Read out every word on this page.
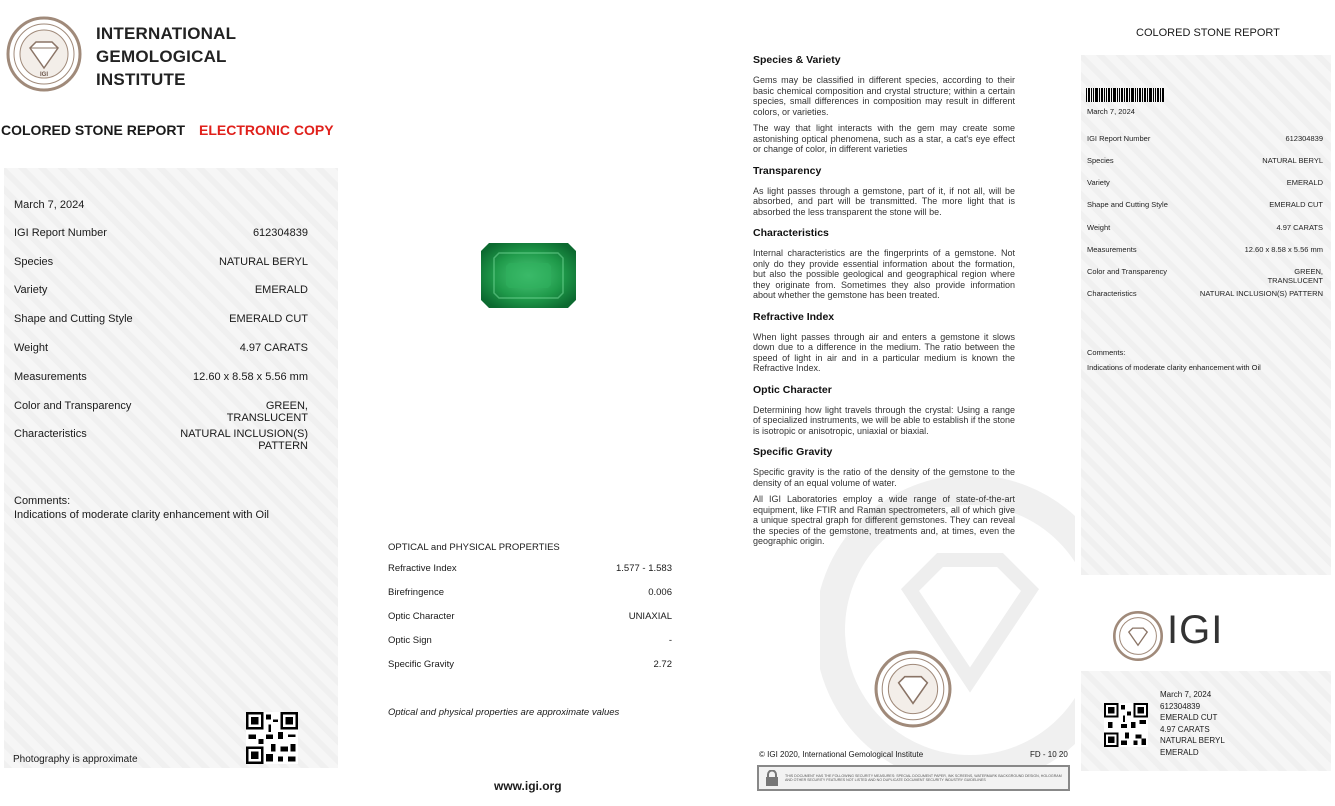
IGI
INTERNATIONAL
GEMOLOGICAL
INSTITUTE
COLORED STONE REPORT ELECTRONIC COPY
March 7, 2024
IGI Report Number	612304839
Species	NATURAL BERYL
Variety	EMERALD
Shape and Cutting Style	EMERALD CUT
Weight	4.97 CARATS
Measurements	12.60 x 8.58 x 5.56 mm
Color and Transparency	GREEN,
TRANSLUCENT
Characteristics	NATURAL INCLUSION(S)
PATTERN
Comments:
Indications of moderate clarity enhancement with Oil
Photography is approximate
OPTICAL and PHYSICAL PROPERTIES
Refractive Index	1.577 - 1.583
Birefringence	0.006
Optic Character	UNIAXIAL
Optic Sign	-
Specific Gravity	2.72
Optical and physical properties are approximate values
www.igi.org
Species & Variety
Gems may be classified in different species, according to their basic chemical composition and crystal structure; within a certain species, small differences in composition may result in different colors, or varieties.
The way that light interacts with the gem may create some astonishing optical phenomena, such as a star, a cat's eye effect or change of color, in different varieties
Transparency
As light passes through a gemstone, part of it, if not all, will be absorbed, and part will be transmitted. The more light that is absorbed the less transparent the stone will be.
Characteristics
Internal characteristics are the fingerprints of a gemstone. Not only do they provide essential information about the formation, but also the possible geological and geographical region where they originate from. Sometimes they also provide information about whether the gemstone has been treated.
Refractive Index
When light passes through air and enters a gemstone it slows down due to a difference in the medium. The ratio between the speed of light in air and in a particular medium is known the Refractive Index.
Optic Character
Determining how light travels through the crystal: Using a range of specialized instruments, we will be able to establish if the stone is isotropic or anisotropic, uniaxial or biaxial.
Specific Gravity
Specific gravity is the ratio of the density of the gemstone to the density of an equal volume of water.
All IGI Laboratories employ a wide range of state-of-the-art equipment, like FTIR and Raman spectrometers, all of which give a unique spectral graph for different gemstones. They can reveal the species of the gemstone, treatments and, at times, even the geographic origin.
© IGI 2020, International Gemological Institute	FD - 10 20
THIS DOCUMENT HAS THE FOLLOWING SECURITY MEASURES: SPECIAL DOCUMENT PAPER, INK SCREENS, WATERMARK BACKGROUND DESIGN, HOLOGRAM AND OTHER SECURITY FEATURES NOT LISTED AND NO DUPLICATE DOCUMENT SECURITY INDUSTRY GUIDELINES
COLORED STONE REPORT
March 7, 2024
IGI Report Number	612304839
Species	NATURAL BERYL
Variety	EMERALD
Shape and Cutting Style	EMERALD CUT
Weight	4.97 CARATS
Measurements	12.60 x 8.58 x 5.56 mm
Color and Transparency	GREEN,
TRANSLUCENT
Characteristics	NATURAL INCLUSION(S) PATTERN
Comments:
Indications of moderate clarity enhancement with Oil
IGI
March 7, 2024
612304839
EMERALD CUT
4.97 CARATS
NATURAL BERYL
EMERALD
